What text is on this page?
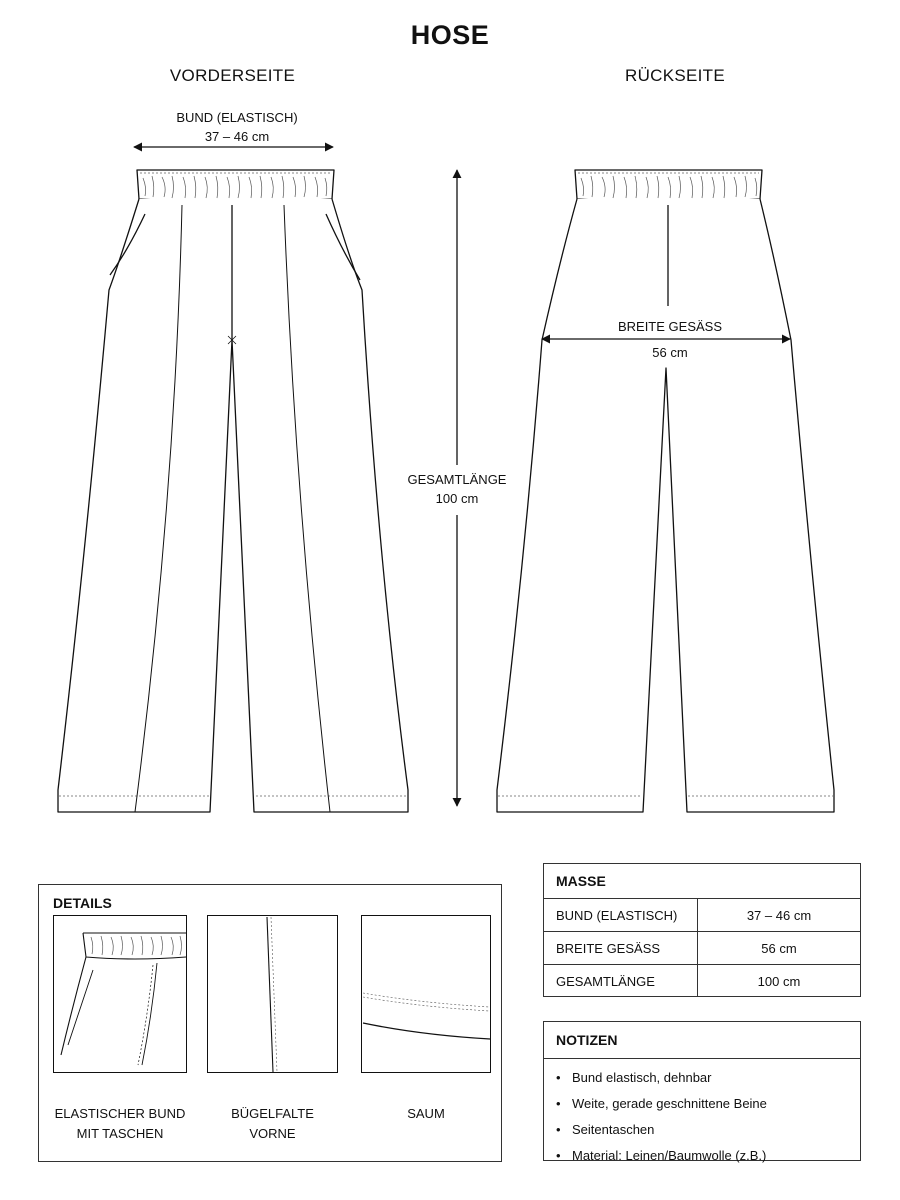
HOSE
VORDERSEITE	RÜCKSEITE
BUND (ELASTISCH)
37 – 46 cm
GESAMTLÄNGE
100 cm
BREITE GESÄSS
56 cm
DETAILS
ELASTISCHER BUND
MIT TASCHEN
BÜGELFALTE
VORNE
SAUM
MASSE
BUND (ELASTISCH)	37 – 46 cm
BREITE GESÄSS	56 cm
GESAMTLÄNGE	100 cm
NOTIZEN
• Bund elastisch, dehnbar
• Weite, gerade geschnittene Beine
• Seitentaschen
• Material: Leinen/Baumwolle (z.B.)
